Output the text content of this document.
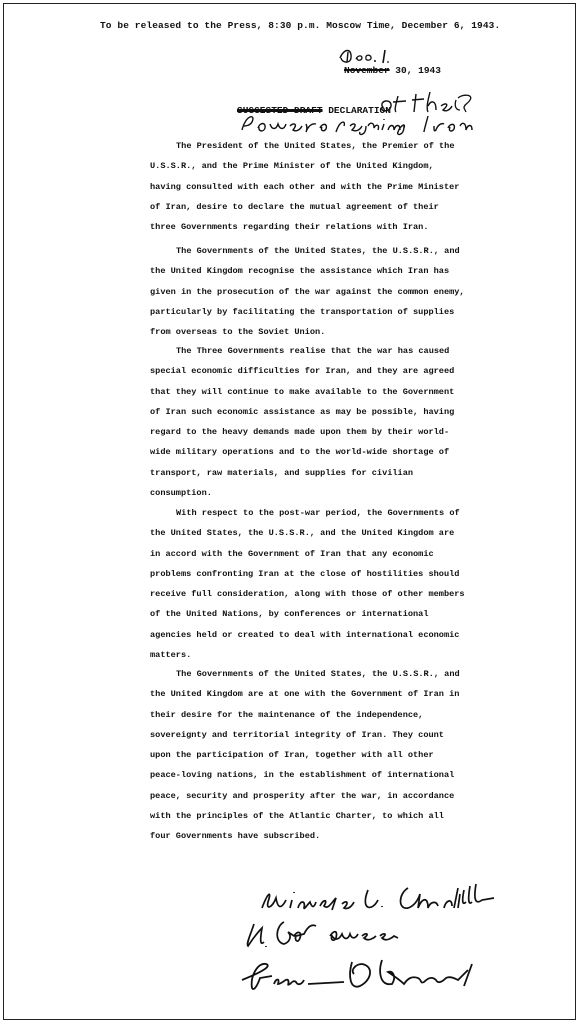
To be released to the Press, 8:30 p.m. Moscow Time, December 6, 1943.
November 30, 1943
SUGGESTED DRAFT DECLARATION

The President of the United States, the Premier of the U.S.S.R., and the Prime Minister of the United Kingdom, having consulted with each other and with the Prime Minister of Iran, desire to declare the mutual agreement of their three Governments regarding their relations with Iran.

The Governments of the United States, the U.S.S.R., and the United Kingdom recognise the assistance which Iran has given in the prosecution of the war against the common enemy, particularly by facilitating the transportation of supplies from overseas to the Soviet Union.

The Three Governments realise that the war has caused special economic difficulties for Iran, and they are agreed that they will continue to make available to the Government of Iran such economic assistance as may be possible, having regard to the heavy demands made upon them by their world-wide military operations and to the world-wide shortage of transport, raw materials, and supplies for civilian consumption.

With respect to the post-war period, the Governments of the United States, the U.S.S.R., and the United Kingdom are in accord with the Government of Iran that any economic problems confronting Iran at the close of hostilities should receive full consideration, along with those of other members of the United Nations, by conferences or international agencies held or created to deal with international economic matters.

The Governments of the United States, the U.S.S.R., and the United Kingdom are at one with the Government of Iran in their desire for the maintenance of the independence, sovereignty and territorial integrity of Iran. They count upon the participation of Iran, together with all other peace-loving nations, in the establishment of international peace, security and prosperity after the war, in accordance with the principles of the Atlantic Charter, to which all four Governments have subscribed.
